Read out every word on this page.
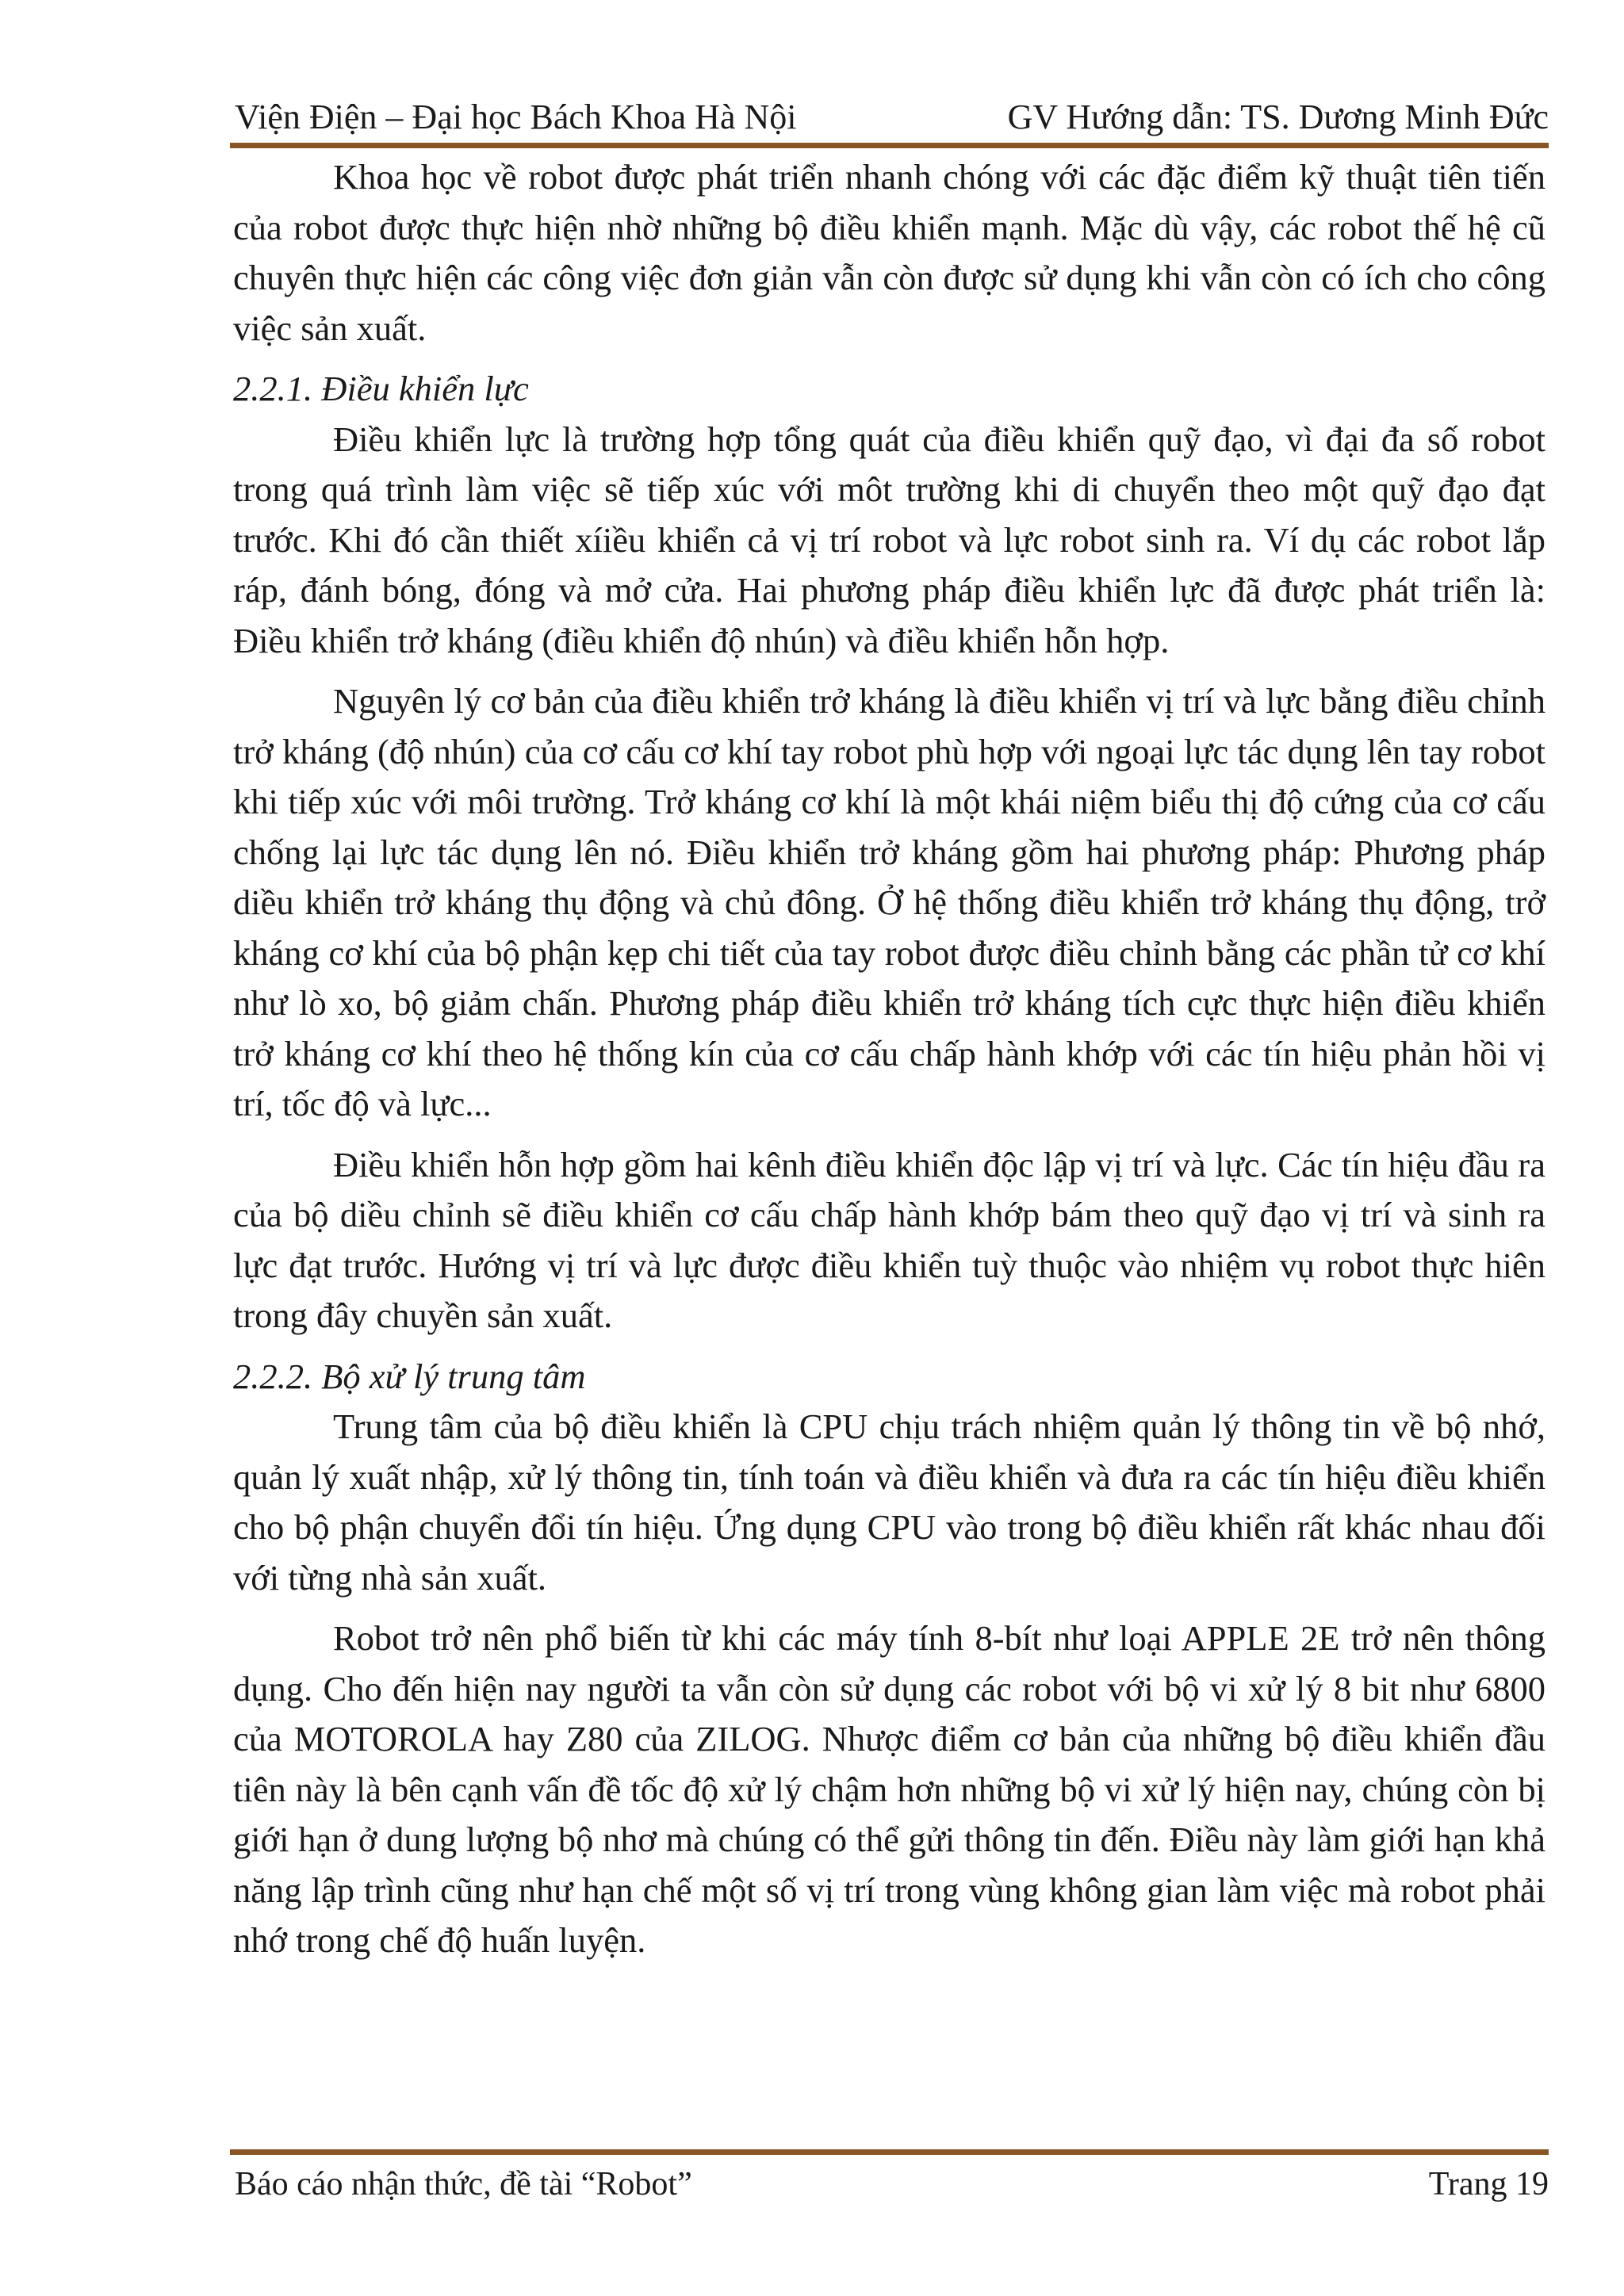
Viện Điện – Đại học Bách Khoa Hà Nội	GV Hướng dẫn: TS. Dương Minh Đức

Khoa học về robot được phát triển nhanh chóng với các đặc điểm kỹ thuật tiên tiến của robot được thực hiện nhờ những bộ điều khiển mạnh. Mặc dù vậy, các robot thế hệ cũ chuyên thực hiện các công việc đơn giản vẫn còn được sử dụng khi vẫn còn có ích cho công việc sản xuất.

2.2.1. Điều khiển lực

Điều khiển lực là trường hợp tổng quát của điều khiển quỹ đạo, vì đại đa số robot trong quá trình làm việc sẽ tiếp xúc với môt trường khi di chuyển theo một quỹ đạo đạt trước. Khi đó cần thiết xíiều khiển cả vị trí robot và lực robot sinh ra. Ví dụ các robot lắp ráp, đánh bóng, đóng và mở cửa. Hai phương pháp điều khiển lực đã được phát triển là: Điều khiển trở kháng (điều khiển độ nhún) và điều khiển hỗn hợp.

Nguyên lý cơ bản của điều khiển trở kháng là điều khiển vị trí và lực bằng điều chỉnh trở kháng (độ nhún) của cơ cấu cơ khí tay robot phù hợp với ngoại lực tác dụng lên tay robot khi tiếp xúc với môi trường. Trở kháng cơ khí là một khái niệm biểu thị độ cứng của cơ cấu chống lại lực tác dụng lên nó. Điều khiển trở kháng gồm hai phương pháp: Phương pháp diều khiển trở kháng thụ động và chủ đông. Ở hệ thống điều khiển trở kháng thụ động, trở kháng cơ khí của bộ phận kẹp chi tiết của tay robot được điều chỉnh bằng các phần tử cơ khí như lò xo, bộ giảm chấn. Phương pháp điều khiển trở kháng tích cực thực hiện điều khiển trở kháng cơ khí theo hệ thống kín của cơ cấu chấp hành khớp với các tín hiệu phản hồi vị trí, tốc độ và lực...

Điều khiển hỗn hợp gồm hai kênh điều khiển độc lập vị trí và lực. Các tín hiệu đầu ra của bộ diều chỉnh sẽ điều khiển cơ cấu chấp hành khớp bám theo quỹ đạo vị trí và sinh ra lực đạt trước. Hướng vị trí và lực được điều khiển tuỳ thuộc vào nhiệm vụ robot thực hiên trong đây chuyền sản xuất.

2.2.2. Bộ xử lý trung tâm

Trung tâm của bộ điều khiển là CPU chịu trách nhiệm quản lý thông tin về bộ nhớ, quản lý xuất nhập, xử lý thông tin, tính toán và điều khiển và đưa ra các tín hiệu điều khiển cho bộ phận chuyển đổi tín hiệu. Ứng dụng CPU vào trong bộ điều khiển rất khác nhau đối với từng nhà sản xuất.

Robot trở nên phổ biến từ khi các máy tính 8-bít như loại APPLE 2E trở nên thông dụng. Cho đến hiện nay người ta vẫn còn sử dụng các robot với bộ vi xử lý 8 bit như 6800 của MOTOROLA hay Z80 của ZILOG. Nhược điểm cơ bản của những bộ điều khiển đầu tiên này là bên cạnh vấn đề tốc độ xử lý chậm hơn những bộ vi xử lý hiện nay, chúng còn bị giới hạn ở dung lượng bộ nhơ mà chúng có thể gửi thông tin đến. Điều này làm giới hạn khả năng lập trình cũng như hạn chế một số vị trí trong vùng không gian làm việc mà robot phải nhớ trong chế độ huấn luyện.

Báo cáo nhận thức, đề tài “Robot”	Trang 19
